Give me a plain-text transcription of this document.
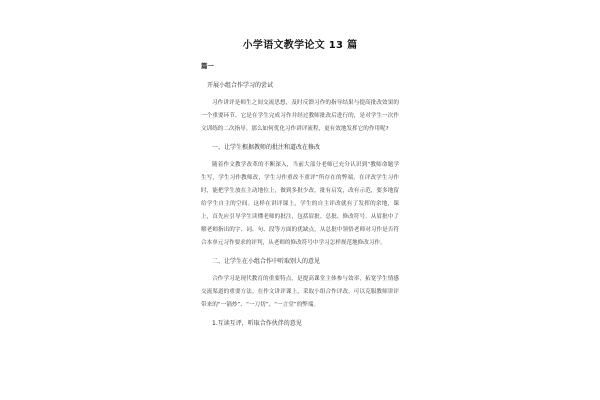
小学语文教学论文 13 篇
篇一
开展小组合作学习的尝试

习作讲评是师生之间交流思想，及时反馈习作的指导结果与提高批改效果的一个重要环节。它是在学生完成习作并经过教师批改后进行的，是对学生一次作文训练的二次指导。那么如何优化习作讲评流程，更有效地发挥它的作用呢?

一、让学生根据教师的批注和道改在修改

随着作文教学改革的不断深入，当前大部分老师已充分认识到“教师命题学生写，学生习作教师改，学生习作重改不重评”所存在的弊端，在评改学生习作时，能把学生放在主动地位上，做到多批少改，批有启发，改有示范，要多地留给学生自主的空间。这样在讲评课上，学生的自主评改就有了发挥的余地，课上，首先应引导学生读懂老师的批注，包括眉批、总批、修改符号。从眉批中了解老师指出的字、词、句、段等方面的优缺点，从总批中领悟老师对习作是否符合本单元习作要求的评判，从老师的修改符号中学习怎样规范地修改习作。

二、让学生在小组合作中听取别人的意见

合作学习是现代教育的重要特点，是提高课堂主体参与效率，拓宽学生情感交流渠道的重要方法。在作文讲评课上，采取小组合作评改，可以克服教师讲评带来的“一锅炒”、“一刀切”、“一言堂”的弊端。

1.互读互评，听取合作伙伴的意见
